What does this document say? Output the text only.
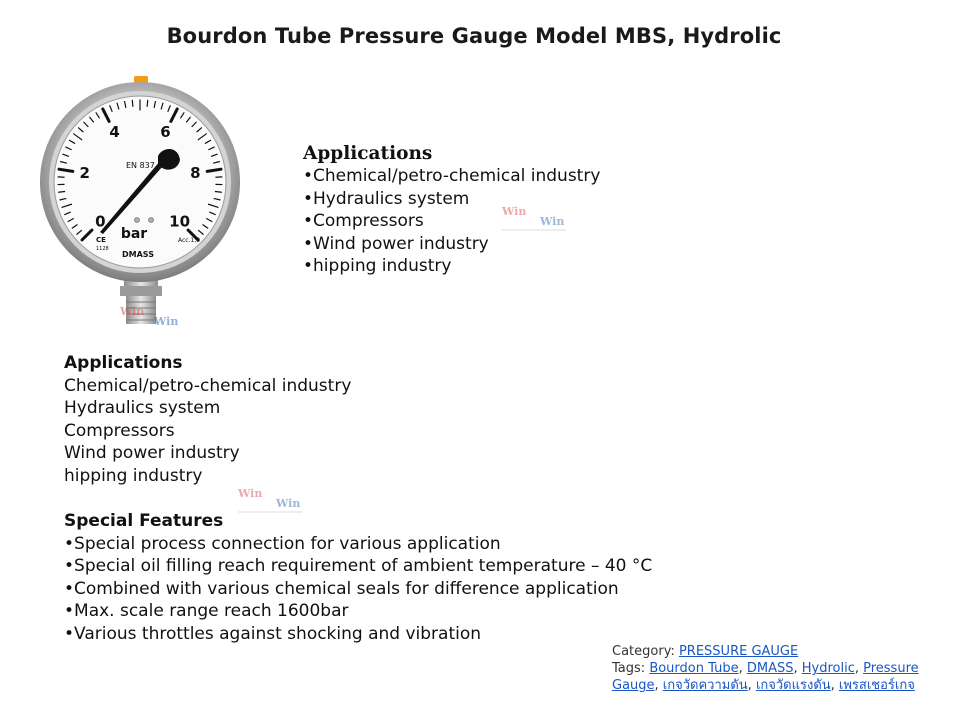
Bourdon Tube Pressure Gauge Model MBS, Hydrolic
0
2
4	6
8
10
EN 837
bar	Acc.1,0
CE
1128
DMASS
Win
Win
Win
Win
Win
Win
Applications
•Chemical/petro-chemical industry
•Hydraulics system
•Compressors
•Wind power industry
•hipping industry
Applications
Chemical/petro-chemical industry
Hydraulics system
Compressors
Wind power industry
hipping industry
Special Features
•Special process connection for various application
•Special oil filling reach requirement of ambient temperature – 40 °C
•Combined with various chemical seals for difference application
•Max. scale range reach 1600bar
•Various throttles against shocking and vibration
Category: PRESSURE GAUGE
Tags: Bourdon Tube, DMASS, Hydrolic, Pressure Gauge, เกจวัดความดัน, เกจวัดแรงดัน, เพรสเชอร์เกจ
